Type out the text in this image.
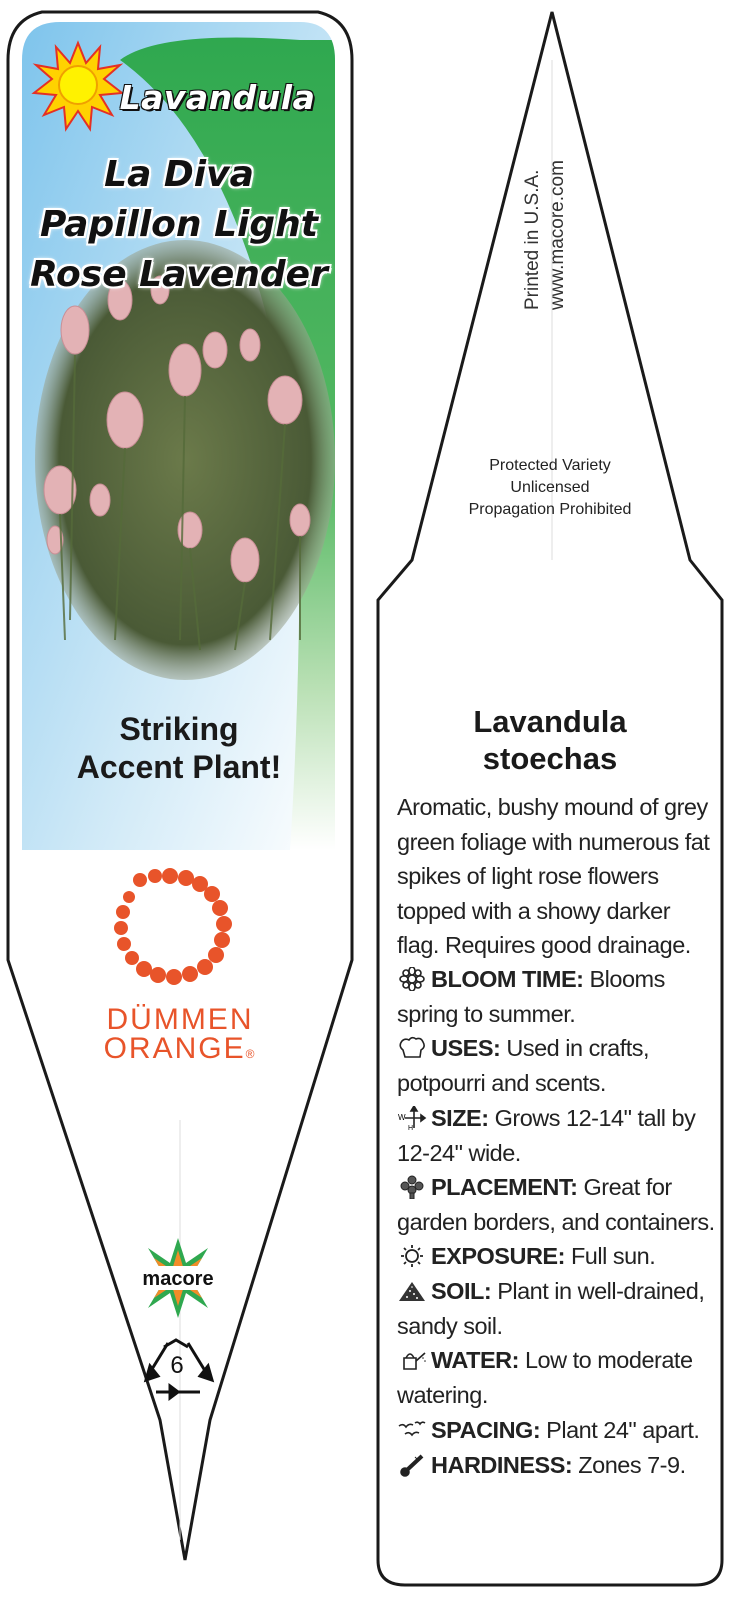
Lavandula
La Diva
Papillon Light
Rose Lavender
Striking
Accent Plant!
DÜMMEN
ORANGE®
macore
6
Printed in U.S.A. www.macore.com
Protected Variety
Unlicensed
Propagation Prohibited
Lavandula
stoechas
Aromatic, bushy mound of grey green foliage with numerous fat spikes of light rose flowers topped with a showy darker flag. Requires good drainage.
BLOOM TIME: Blooms spring to summer.
USES: Used in crafts, potpourri and scents.
W
H SIZE: Grows 12-14" tall by 12-24" wide.
PLACEMENT: Great for garden borders, and containers.
EXPOSURE: Full sun.
SOIL: Plant in well-drained, sandy soil.
WATER: Low to moderate watering.
SPACING: Plant 24" apart.
HARDINESS: Zones 7-9.
